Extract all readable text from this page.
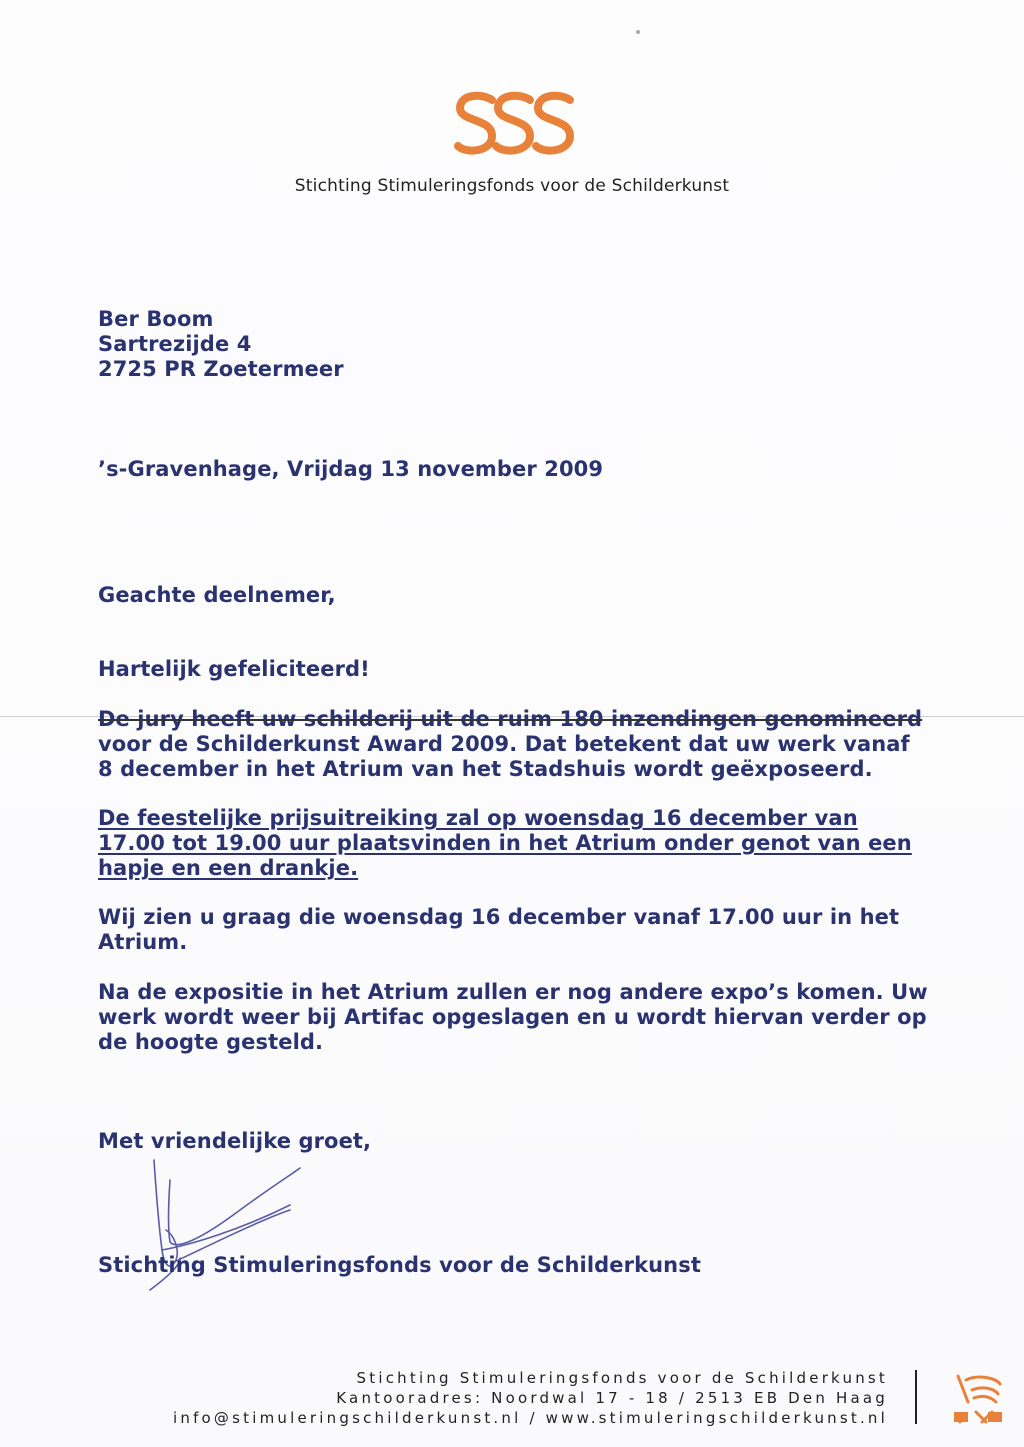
Stichting Stimuleringsfonds voor de Schilderkunst
Ber Boom
Sartrezijde 4
2725 PR Zoetermeer
’s-Gravenhage, Vrijdag 13 november 2009
Geachte deelnemer,
Hartelijk gefeliciteerd!
De jury heeft uw schilderij uit de ruim 180 inzendingen genomineerd
voor de Schilderkunst Award 2009. Dat betekent dat uw werk vanaf 8 december in het Atrium van het Stadshuis wordt geëxposeerd.
De feestelijke prijsuitreiking zal op woensdag 16 december van 17.00 tot 19.00 uur plaatsvinden in het Atrium onder genot van een hapje en een drankje.
Wij zien u graag die woensdag 16 december vanaf 17.00 uur in het Atrium.
Na de expositie in het Atrium zullen er nog andere expo’s komen. Uw werk wordt weer bij Artifac opgeslagen en u wordt hiervan verder op de hoogte gesteld.
Met vriendelijke groet,
Stichting Stimuleringsfonds voor de Schilderkunst
Stichting Stimuleringsfonds voor de Schilderkunst
Kantooradres: Noordwal 17 - 18 / 2513 EB Den Haag
info@stimuleringschilderkunst.nl / www.stimuleringschilderkunst.nl
